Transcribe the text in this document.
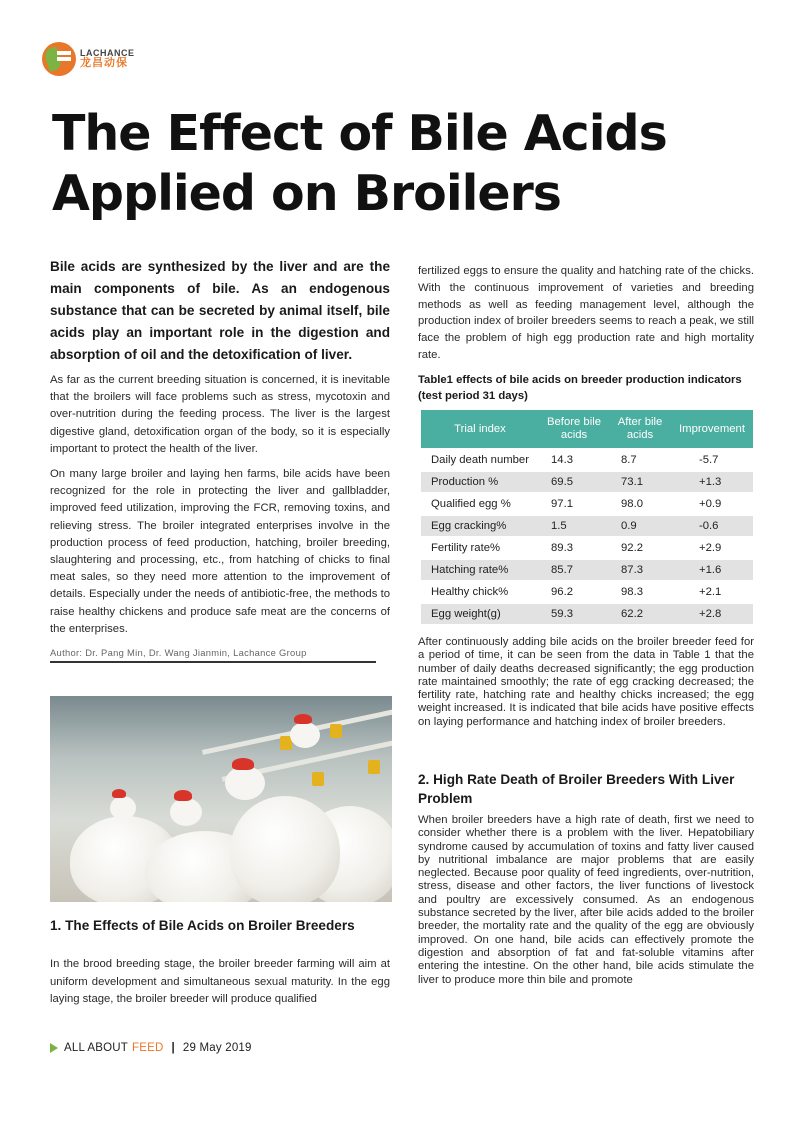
LACHANCE
龙昌动保
The Effect of Bile Acids Applied on Broilers

Bile acids are synthesized by the liver and are the main components of bile. As an endogenous substance that can be secreted by animal itself, bile acids play an important role in the digestion and absorption of oil and the detoxification of liver.

As far as the current breeding situation is concerned, it is inevitable that the broilers will face problems such as stress, mycotoxin and over-nutrition during the feeding process. The liver is the largest digestive gland, detoxification organ of the body, so it is especially important to protect the health of the liver.

On many large broiler and laying hen farms, bile acids have been recognized for the role in protecting the liver and gallbladder, improved feed utilization, improving the FCR, removing toxins, and relieving stress. The broiler integrated enterprises involve in the production process of feed production, hatching, broiler breeding, slaughtering and processing, etc., from hatching of chicks to final meat sales, so they need more attention to the improvement of details. Especially under the needs of antibiotic-free, the methods to raise healthy chickens and produce safe meat are the concerns of the enterprises.

Author: Dr. Pang Min, Dr. Wang Jianmin, Lachance Group

1. The Effects of Bile Acids on Broiler Breeders

In the brood breeding stage, the broiler breeder farming will aim at uniform development and simultaneous sexual maturity. In the egg laying stage, the broiler breeder will produce qualified

fertilized eggs to ensure the quality and hatching rate of the chicks. With the continuous improvement of varieties and breeding methods as well as feeding management level, although the production index of broiler breeders seems to reach a peak, we still face the problem of high egg production rate and high mortality rate.

Table1 effects of bile acids on breeder production indicators (test period 31 days)

Trial index	Before bile acids	After bile acids	Improvement
Daily death number	14.3	8.7	-5.7
Production %	69.5	73.1	+1.3
Qualified egg %	97.1	98.0	+0.9
Egg cracking%	1.5	0.9	-0.6
Fertility rate%	89.3	92.2	+2.9
Hatching rate%	85.7	87.3	+1.6
Healthy chick%	96.2	98.3	+2.1
Egg weight(g)	59.3	62.2	+2.8

After continuously adding bile acids on the broiler breeder feed for a period of time, it can be seen from the data in Table 1 that the number of daily deaths decreased significantly; the egg production rate maintained smoothly; the rate of egg cracking decreased; the fertility rate, hatching rate and healthy chicks increased; the egg weight increased. It is indicated that bile acids have positive effects on laying performance and hatching index of broiler breeders.

2. High Rate Death of Broiler Breeders With Liver Problem

When broiler breeders have a high rate of death, first we need to consider whether there is a problem with the liver. Hepatobiliary syndrome caused by accumulation of toxins and fatty liver caused by nutritional imbalance are major problems that are easily neglected. Because poor quality of feed ingredients, over-nutrition, stress, disease and other factors, the liver functions of livestock and poultry are excessively consumed. As an endogenous substance secreted by the liver, after bile acids added to the broiler breeder, the mortality rate and the quality of the egg are obviously improved. On one hand, bile acids can effectively promote the digestion and absorption of fat and fat-soluble vitamins after entering the intestine. On the other hand, bile acids stimulate the liver to produce more thin bile and promote

ALL ABOUT FEED | 29 May 2019
